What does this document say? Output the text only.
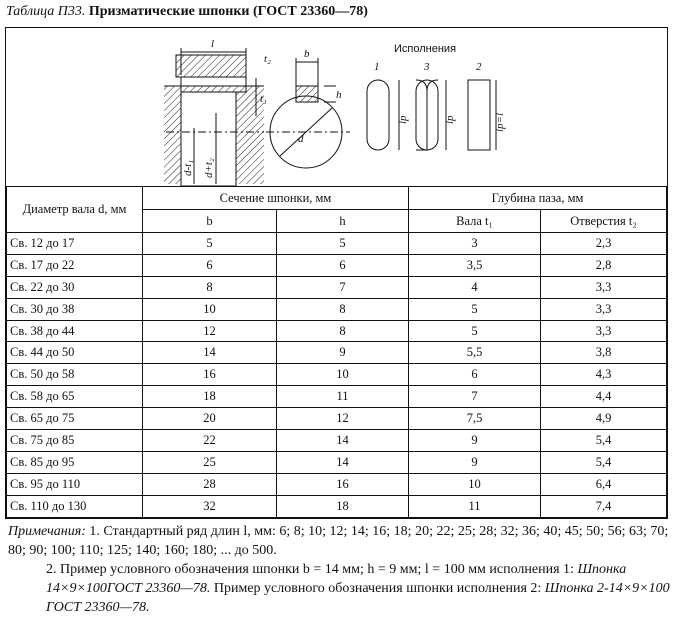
Таблица П33. Призматические шпонки (ГОСТ 23360—78)
l
t₂
t₁
d-t₁ d+t₂
b
h
d
Исполнения
1	3	2
lp	lp	lp=l
Диаметр вала d, мм	Сечение шпонки, мм		Глубина паза, мм	
	b	h	Вала t₁	Отверстия t₂
Св. 12 до 17	5	5	3	2,3
Св. 17 до 22	6	6	3,5	2,8
Св. 22 до 30	8	7	4	3,3
Св. 30 до 38	10	8	5	3,3
Св. 38 до 44	12	8	5	3,3
Св. 44 до 50	14	9	5,5	3,8
Св. 50 до 58	16	10	6	4,3
Св. 58 до 65	18	11	7	4,4
Св. 65 до 75	20	12	7,5	4,9
Св. 75 до 85	22	14	9	5,4
Св. 85 до 95	25	14	9	5,4
Св. 95 до 110	28	16	10	6,4
Св. 110 до 130	32	18	11	7,4

Примечания: 1. Стандартный ряд длин l, мм: 6; 8; 10; 12; 14; 16; 18; 20; 22; 25; 28; 32; 36; 40; 45; 50; 56; 63; 70; 80; 90; 100; 110; 125; 140; 160; 180; ... до 500.

2. Пример условного обозначения шпонки b = 14 мм; h = 9 мм; l = 100 мм исполнения 1: Шпонка 14×9×100ГОСТ 23360—78. Пример условного обозначения шпонки исполнения 2: Шпонка 2-14×9×100 ГОСТ 23360—78.
